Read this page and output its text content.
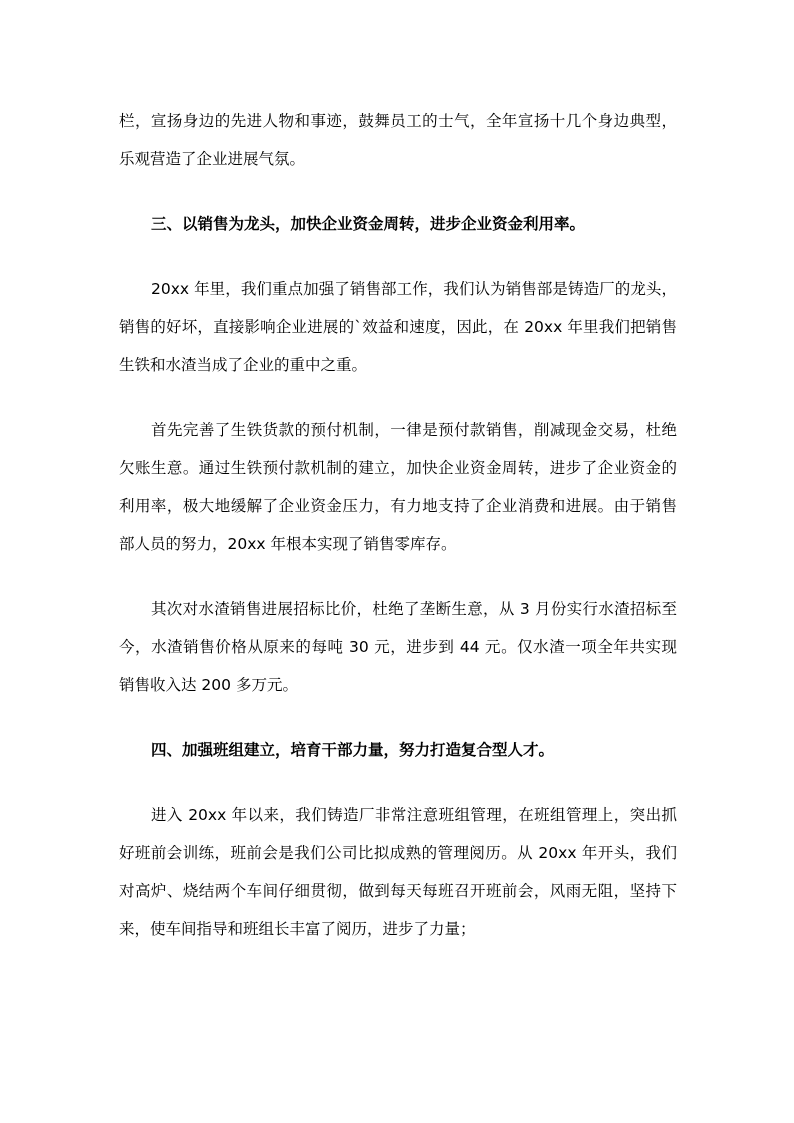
栏，宣扬身边的先进人物和事迹，鼓舞员工的士气，全年宣扬十几个身边典型，
乐观营造了企业进展气氛。
三、以销售为龙头，加快企业资金周转，进步企业资金利用率。
20xx 年里，我们重点加强了销售部工作，我们认为销售部是铸造厂的龙头，
销售的好坏，直接影响企业进展的`效益和速度，因此，在 20xx 年里我们把销售
生铁和水渣当成了企业的重中之重。
首先完善了生铁货款的预付机制，一律是预付款销售，削减现金交易，杜绝
欠账生意。通过生铁预付款机制的建立，加快企业资金周转，进步了企业资金的
利用率，极大地缓解了企业资金压力，有力地支持了企业消费和进展。由于销售
部人员的努力，20xx 年根本实现了销售零库存。
其次对水渣销售进展招标比价，杜绝了垄断生意，从 3 月份实行水渣招标至
今，水渣销售价格从原来的每吨 30 元，进步到 44 元。仅水渣一项全年共实现
销售收入达 200 多万元。
四、加强班组建立，培育干部力量，努力打造复合型人才。
进入 20xx 年以来，我们铸造厂非常注意班组管理，在班组管理上，突出抓
好班前会训练，班前会是我们公司比拟成熟的管理阅历。从 20xx 年开头，我们
对高炉、烧结两个车间仔细贯彻，做到每天每班召开班前会，风雨无阻，坚持下
来，使车间指导和班组长丰富了阅历，进步了力量；
